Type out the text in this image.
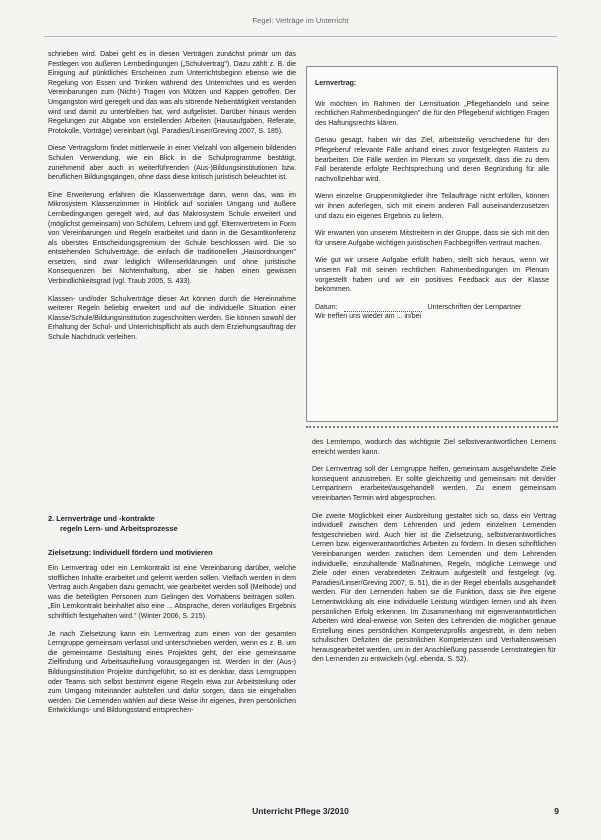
Fegel: Verträge im Unterricht

schrieben wird. Dabei geht es in diesen Verträgen zunächst primär um das Festlegen von äußeren Lernbedingungen („Schulvertrag"). Dazu zählt z. B. die Einigung auf pünktliches Erscheinen zum Unterrichtsbeginn ebenso wie die Regelung von Essen und Trinken während des Unterrichtes und es werden Vereinbarungen zum (Nicht-) Tragen von Mützen und Kappen getroffen. Der Umgangston wird geregelt und das was als störende Nebentätigkeit verstanden wird und damit zu unterbleiben hat, wird aufgelistet. Darüber hinaus werden Regelungen zur Abgabe von erstellenden Arbeiten (Hausaufgaben, Referate, Protokolle, Vorträge) vereinbart (vgl. Paradies/Linser/Greving 2007, S. 185).

Diese Vertragsform findet mittlerweile in einer Vielzahl von allgemein bildenden Schulen Verwendung, wie ein Blick in die Schulprogramme bestätigt, zunehmend aber auch in weiterführenden (Aus-)Bildungsinstitutionen bzw. beruflichen Bildungsgängen, ohne dass diese kritisch juristisch beleuchtet ist.

Eine Erweiterung erfahren die Klassenverträge dann, wenn das, was im Mikrosystem Klassenzimmer in Hinblick auf sozialen Umgang und äußere Lernbedingungen geregelt wird, auf das Makrosystem Schule erweitert und (möglichst gemeinsam) von Schülern, Lehrern und ggf. Elternvertretern in Form von Vereinbarungen und Regeln erarbeitet und dann in die Gesamtkonferenz als oberstes Entscheidungsgremium der Schule beschlossen wird. Die so entstehenden Schulverträge, die einfach die traditionellen „Hausordnungen" ersetzen, sind zwar lediglich Willenserklärungen und ohne juristische Konsequenzen bei Nichteinhaltung, aber sie haben einen gewissen Verbindlichkeitsgrad (vgl. Traub 2005, S. 433).

Klassen- und/oder Schulverträge dieser Art können durch die Hereinnahme weiterer Regeln beliebig erweitert und auf die individuelle Situation einer Klasse/Schule/Bildungsinstitution zugeschnitten werden. Sie können sowohl der Erhaltung der Schul- und Unterrichtspflicht als auch dem Erziehungsauftrag der Schule Nachdruck verleihen.

Lernvertrag:

Wir möchten im Rahmen der Lernsituation „Pflegehandeln und seine rechtlichen Rahmenbedingungen" die für den Pflegeberuf wichtigen Fragen des Haftungsrechts klären.

Genau gesagt, haben wir das Ziel, arbeitsteilig verschiedene für den Pflegeberuf relevante Fälle anhand eines zuvor festgelegten Rasters zu bearbeiten. Die Fälle werden im Plenum so vorgestellt, dass die zu dem Fall beratende erfolgte Rechtsprechung und deren Begründung für alle nachvollziehbar wird.

Wenn einzelne Gruppenmitglieder ihre Teilaufträge nicht erfüllen, können wir ihnen auferlegen, sich mit einem anderen Fall auseinanderzusetzen und dazu ein eigenes Ergebnis zu liefern.

Wir erwarten von unserem Mitstreitern in der Gruppe, dass sie sich mit den für unsere Aufgabe wichtigen juristischen Fachbegriffen vertraut machen.

Wie gut wir unsere Aufgabe erfüllt haben, stellt sich heraus, wenn wir unseren Fall mit seinen rechtlichen Rahmenbedingungen im Plenum vorgestellt haben und wir ein positives Feedback aus der Klasse bekommen.

Datum:	Unterschriften der Lernpartner
Wir treffen uns wieder am ... in/bei

des Lerntempo, wodurch das wichtigste Ziel selbstverantwortlichen Lernens erreicht werden kann.

Der Lernvertrag soll der Lerngruppe helfen, gemeinsam ausgehandelte Ziele konsequent anzustreben. Er sollte gleichzeitig und gemeinsam mit den/der Lernpartnern erarbeitet/ausgehandelt werden. Zu einem gemeinsam vereinbarten Termin wird abgesprochen.

Die zweite Möglichkeit einer Ausbreitung gestaltet sich so, dass ein Vertrag individuell zwischen dem Lehrenden und jedem einzelnen Lernenden festgeschrieben wird. Auch hier ist die Zielsetzung, selbstverantwortliches Lernen bzw. eigenverantwortliches Arbeiten zu fördern. In diesen schriftlichen Vereinbarungen werden zwischen dem Lernenden und dem Lehrenden individuelle, einzuhaltende Maßnahmen, Regeln, mögliche Lernwege und Ziele oder einen verabredeten Zeitraum aufgestellt und festgelegt (vg. Paradies/Linser/Greving 2007, S. 51), die in der Regel ebenfalls ausgehandelt werden. Für den Lernenden haben sie die Funktion, dass sie ihre eigene Lernentwicklung als eine individuelle Leistung würdigen lernen und als ihren persönlichen Erfolg erkennen. Im Zusammenhang mit eigenverantwortlichen Arbeiten wird ideal-erweise von Seiten des Lehrenden die möglicher genaue Erstellung eines persönlichen Kompetenzprofils angestrebt, in dem neben schulischen Defiziten die persönlichen Kompetenzen und Verhaltensweisen herausgearbeitet werden, um in der Anschließung passende Lernstrategien für den Lernenden zu entwickeln (vgl. ebenda, S. 52).

2. Lernverträge und -kontrakte
regeln Lern- und Arbeitsprozesse
Zielsetzung: Individuell fördern und motivieren

Ein Lernvertrag oder ein Lernkontrakt ist eine Vereinbarung darüber, welche stofflichen Inhalte erarbeitet und gelernt werden sollen. Vielfach werden in dem Vertrag auch Angaben dazu gemacht, wie gearbeitet werden soll (Methode) und was die beteiligten Personen zum Gelingen des Vorhabens beitragen sollen. „Ein Lernkontrakt beinhaltet also eine ... Absprache, deren vorläufiges Ergebnis schriftlich festgehalten wird." (Winter 2006, S. 215).

Je nach Zielsetzung kann ein Lernvertrag zum einen von der gesamten Lerngruppe gemeinsam verfasst und unterschrieben werden, wenn es z. B. um die gemeinsame Gestaltung eines Projektes geht, der eine gemeinsame Zielfindung und Arbeitsaufteilung vorausgegangen ist. Werden in der (Aus-) Bildungsinstitution Projekte durchgeführt, so ist es denkbar, dass Lerngruppen oder Teams sich selbst bestimmt eigene Regeln etwa zur Arbeitsteilung oder zum Umgang miteinander aufstellen und dafür sorgen, dass sie eingehalten werden. Die Lernenden wählen auf diese Weise ihr eigenes, ihren persönlichen Entwicklungs- und Bildungsstand entsprechen-

Unterricht Pflege 3/2010	9
